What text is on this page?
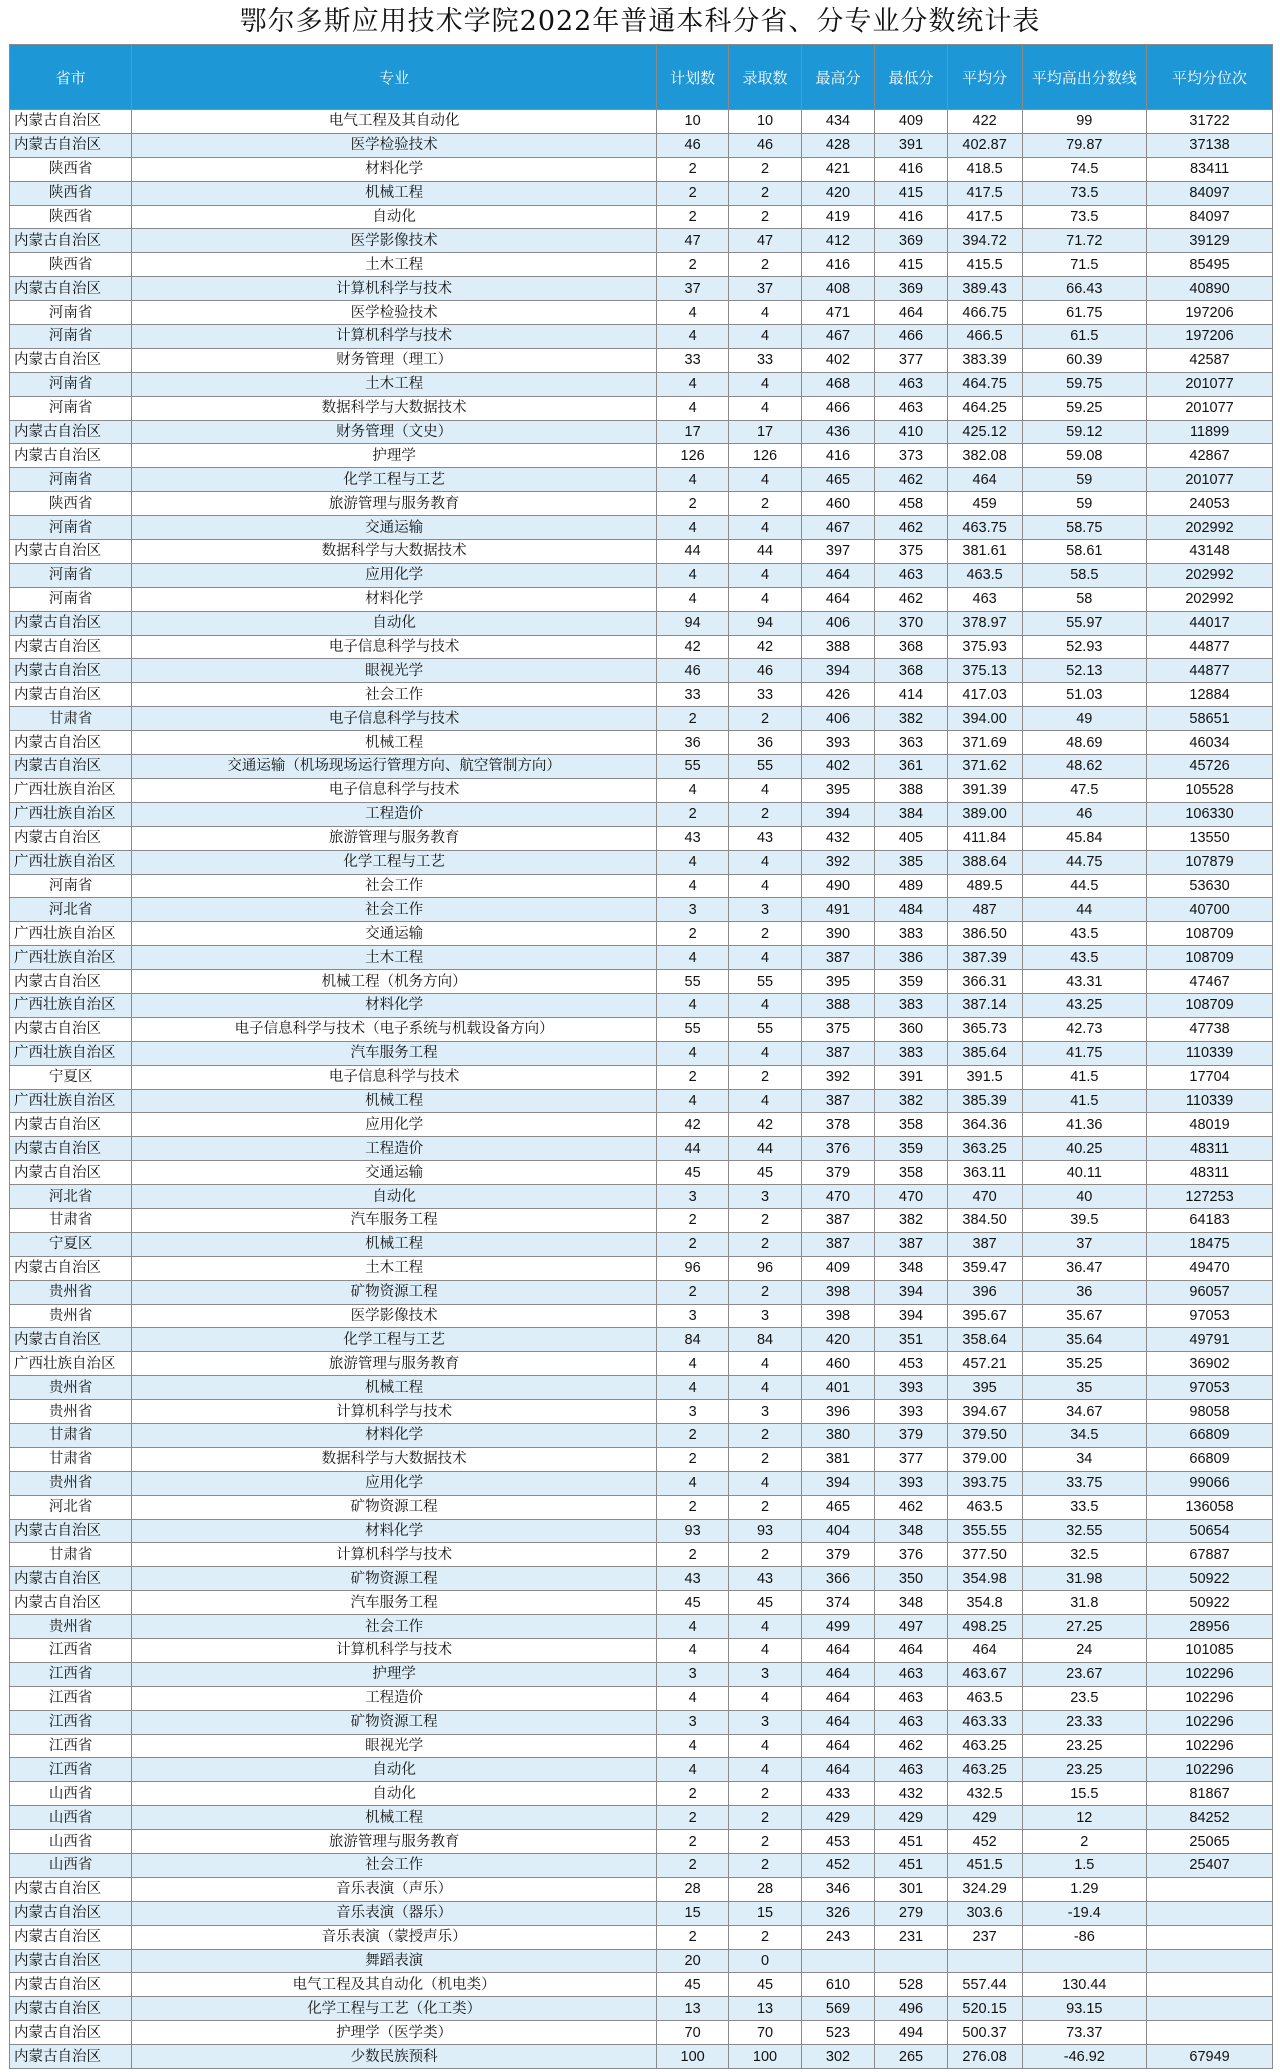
鄂尔多斯应用技术学院2022年普通本科分省、分专业分数统计表
省市	专业	计划数	录取数	最高分	最低分	平均分	平均高出分数线	平均分位次
内蒙古自治区	电气工程及其自动化	10	10	434	409	422	99	31722
内蒙古自治区	医学检验技术	46	46	428	391	402.87	79.87	37138
陕西省	材料化学	2	2	421	416	418.5	74.5	83411
陕西省	机械工程	2	2	420	415	417.5	73.5	84097
陕西省	自动化	2	2	419	416	417.5	73.5	84097
内蒙古自治区	医学影像技术	47	47	412	369	394.72	71.72	39129
陕西省	土木工程	2	2	416	415	415.5	71.5	85495
内蒙古自治区	计算机科学与技术	37	37	408	369	389.43	66.43	40890
河南省	医学检验技术	4	4	471	464	466.75	61.75	197206
河南省	计算机科学与技术	4	4	467	466	466.5	61.5	197206
内蒙古自治区	财务管理（理工）	33	33	402	377	383.39	60.39	42587
河南省	土木工程	4	4	468	463	464.75	59.75	201077
河南省	数据科学与大数据技术	4	4	466	463	464.25	59.25	201077
内蒙古自治区	财务管理（文史）	17	17	436	410	425.12	59.12	11899
内蒙古自治区	护理学	126	126	416	373	382.08	59.08	42867
河南省	化学工程与工艺	4	4	465	462	464	59	201077
陕西省	旅游管理与服务教育	2	2	460	458	459	59	24053
河南省	交通运输	4	4	467	462	463.75	58.75	202992
内蒙古自治区	数据科学与大数据技术	44	44	397	375	381.61	58.61	43148
河南省	应用化学	4	4	464	463	463.5	58.5	202992
河南省	材料化学	4	4	464	462	463	58	202992
内蒙古自治区	自动化	94	94	406	370	378.97	55.97	44017
内蒙古自治区	电子信息科学与技术	42	42	388	368	375.93	52.93	44877
内蒙古自治区	眼视光学	46	46	394	368	375.13	52.13	44877
内蒙古自治区	社会工作	33	33	426	414	417.03	51.03	12884
甘肃省	电子信息科学与技术	2	2	406	382	394.00	49	58651
内蒙古自治区	机械工程	36	36	393	363	371.69	48.69	46034
内蒙古自治区	交通运输（机场现场运行管理方向、航空管制方向）	55	55	402	361	371.62	48.62	45726
广西壮族自治区	电子信息科学与技术	4	4	395	388	391.39	47.5	105528
广西壮族自治区	工程造价	2	2	394	384	389.00	46	106330
内蒙古自治区	旅游管理与服务教育	43	43	432	405	411.84	45.84	13550
广西壮族自治区	化学工程与工艺	4	4	392	385	388.64	44.75	107879
河南省	社会工作	4	4	490	489	489.5	44.5	53630
河北省	社会工作	3	3	491	484	487	44	40700
广西壮族自治区	交通运输	2	2	390	383	386.50	43.5	108709
广西壮族自治区	土木工程	4	4	387	386	387.39	43.5	108709
内蒙古自治区	机械工程（机务方向）	55	55	395	359	366.31	43.31	47467
广西壮族自治区	材料化学	4	4	388	383	387.14	43.25	108709
内蒙古自治区	电子信息科学与技术（电子系统与机载设备方向）	55	55	375	360	365.73	42.73	47738
广西壮族自治区	汽车服务工程	4	4	387	383	385.64	41.75	110339
宁夏区	电子信息科学与技术	2	2	392	391	391.5	41.5	17704
广西壮族自治区	机械工程	4	4	387	382	385.39	41.5	110339
内蒙古自治区	应用化学	42	42	378	358	364.36	41.36	48019
内蒙古自治区	工程造价	44	44	376	359	363.25	40.25	48311
内蒙古自治区	交通运输	45	45	379	358	363.11	40.11	48311
河北省	自动化	3	3	470	470	470	40	127253
甘肃省	汽车服务工程	2	2	387	382	384.50	39.5	64183
宁夏区	机械工程	2	2	387	387	387	37	18475
内蒙古自治区	土木工程	96	96	409	348	359.47	36.47	49470
贵州省	矿物资源工程	2	2	398	394	396	36	96057
贵州省	医学影像技术	3	3	398	394	395.67	35.67	97053
内蒙古自治区	化学工程与工艺	84	84	420	351	358.64	35.64	49791
广西壮族自治区	旅游管理与服务教育	4	4	460	453	457.21	35.25	36902
贵州省	机械工程	4	4	401	393	395	35	97053
贵州省	计算机科学与技术	3	3	396	393	394.67	34.67	98058
甘肃省	材料化学	2	2	380	379	379.50	34.5	66809
甘肃省	数据科学与大数据技术	2	2	381	377	379.00	34	66809
贵州省	应用化学	4	4	394	393	393.75	33.75	99066
河北省	矿物资源工程	2	2	465	462	463.5	33.5	136058
内蒙古自治区	材料化学	93	93	404	348	355.55	32.55	50654
甘肃省	计算机科学与技术	2	2	379	376	377.50	32.5	67887
内蒙古自治区	矿物资源工程	43	43	366	350	354.98	31.98	50922
内蒙古自治区	汽车服务工程	45	45	374	348	354.8	31.8	50922
贵州省	社会工作	4	4	499	497	498.25	27.25	28956
江西省	计算机科学与技术	4	4	464	464	464	24	101085
江西省	护理学	3	3	464	463	463.67	23.67	102296
江西省	工程造价	4	4	464	463	463.5	23.5	102296
江西省	矿物资源工程	3	3	464	463	463.33	23.33	102296
江西省	眼视光学	4	4	464	462	463.25	23.25	102296
江西省	自动化	4	4	464	463	463.25	23.25	102296
山西省	自动化	2	2	433	432	432.5	15.5	81867
山西省	机械工程	2	2	429	429	429	12	84252
山西省	旅游管理与服务教育	2	2	453	451	452	2	25065
山西省	社会工作	2	2	452	451	451.5	1.5	25407
内蒙古自治区	音乐表演（声乐）	28	28	346	301	324.29	1.29	
内蒙古自治区	音乐表演（器乐）	15	15	326	279	303.6	-19.4	
内蒙古自治区	音乐表演（蒙授声乐）	2	2	243	231	237	-86	
内蒙古自治区	舞蹈表演	20	0					
内蒙古自治区	电气工程及其自动化（机电类）	45	45	610	528	557.44	130.44	
内蒙古自治区	化学工程与工艺（化工类）	13	13	569	496	520.15	93.15	
内蒙古自治区	护理学（医学类）	70	70	523	494	500.37	73.37	
内蒙古自治区	少数民族预科	100	100	302	265	276.08	-46.92	67949
